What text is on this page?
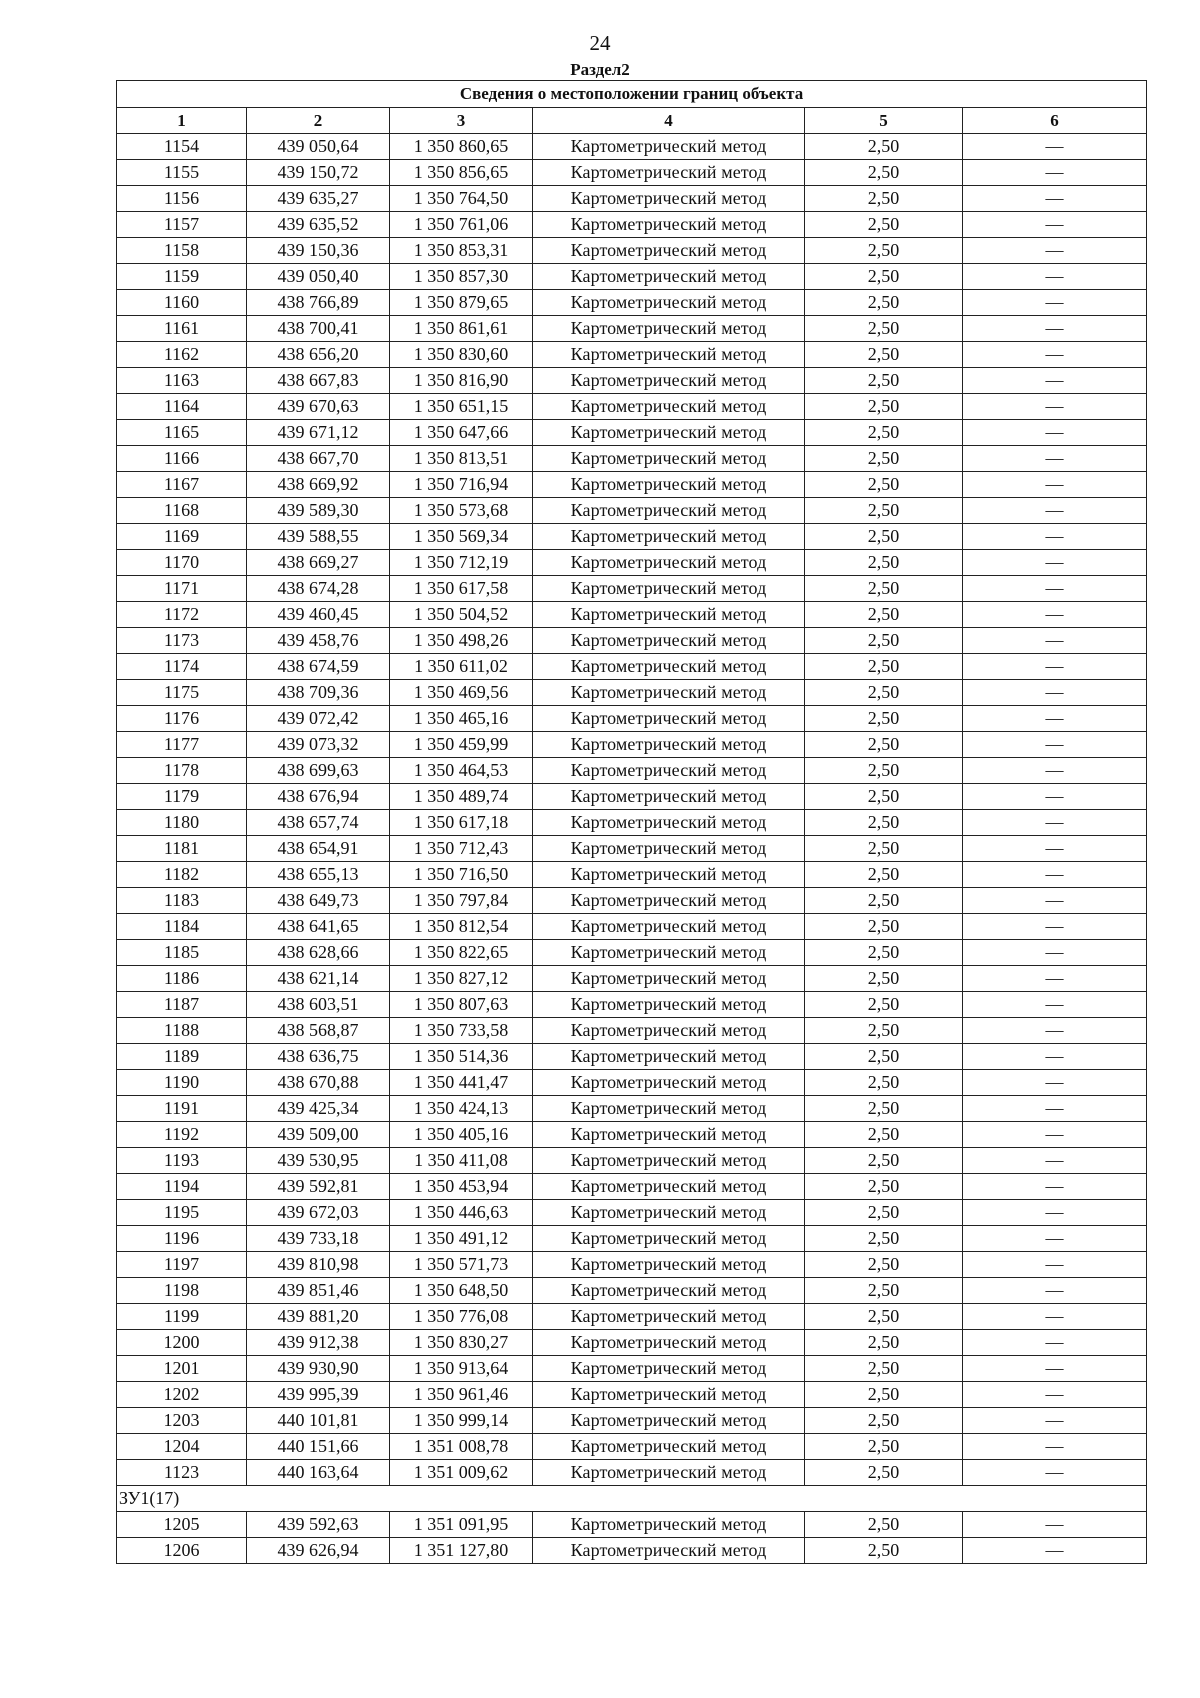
24
Раздел2
Сведения о местоположении границ объекта					
1	2	3	4	5	6
1154	439 050,64	1 350 860,65	Картометрический метод	2,50	—
1155	439 150,72	1 350 856,65	Картометрический метод	2,50	—
1156	439 635,27	1 350 764,50	Картометрический метод	2,50	—
1157	439 635,52	1 350 761,06	Картометрический метод	2,50	—
1158	439 150,36	1 350 853,31	Картометрический метод	2,50	—
1159	439 050,40	1 350 857,30	Картометрический метод	2,50	—
1160	438 766,89	1 350 879,65	Картометрический метод	2,50	—
1161	438 700,41	1 350 861,61	Картометрический метод	2,50	—
1162	438 656,20	1 350 830,60	Картометрический метод	2,50	—
1163	438 667,83	1 350 816,90	Картометрический метод	2,50	—
1164	439 670,63	1 350 651,15	Картометрический метод	2,50	—
1165	439 671,12	1 350 647,66	Картометрический метод	2,50	—
1166	438 667,70	1 350 813,51	Картометрический метод	2,50	—
1167	438 669,92	1 350 716,94	Картометрический метод	2,50	—
1168	439 589,30	1 350 573,68	Картометрический метод	2,50	—
1169	439 588,55	1 350 569,34	Картометрический метод	2,50	—
1170	438 669,27	1 350 712,19	Картометрический метод	2,50	—
1171	438 674,28	1 350 617,58	Картометрический метод	2,50	—
1172	439 460,45	1 350 504,52	Картометрический метод	2,50	—
1173	439 458,76	1 350 498,26	Картометрический метод	2,50	—
1174	438 674,59	1 350 611,02	Картометрический метод	2,50	—
1175	438 709,36	1 350 469,56	Картометрический метод	2,50	—
1176	439 072,42	1 350 465,16	Картометрический метод	2,50	—
1177	439 073,32	1 350 459,99	Картометрический метод	2,50	—
1178	438 699,63	1 350 464,53	Картометрический метод	2,50	—
1179	438 676,94	1 350 489,74	Картометрический метод	2,50	—
1180	438 657,74	1 350 617,18	Картометрический метод	2,50	—
1181	438 654,91	1 350 712,43	Картометрический метод	2,50	—
1182	438 655,13	1 350 716,50	Картометрический метод	2,50	—
1183	438 649,73	1 350 797,84	Картометрический метод	2,50	—
1184	438 641,65	1 350 812,54	Картометрический метод	2,50	—
1185	438 628,66	1 350 822,65	Картометрический метод	2,50	—
1186	438 621,14	1 350 827,12	Картометрический метод	2,50	—
1187	438 603,51	1 350 807,63	Картометрический метод	2,50	—
1188	438 568,87	1 350 733,58	Картометрический метод	2,50	—
1189	438 636,75	1 350 514,36	Картометрический метод	2,50	—
1190	438 670,88	1 350 441,47	Картометрический метод	2,50	—
1191	439 425,34	1 350 424,13	Картометрический метод	2,50	—
1192	439 509,00	1 350 405,16	Картометрический метод	2,50	—
1193	439 530,95	1 350 411,08	Картометрический метод	2,50	—
1194	439 592,81	1 350 453,94	Картометрический метод	2,50	—
1195	439 672,03	1 350 446,63	Картометрический метод	2,50	—
1196	439 733,18	1 350 491,12	Картометрический метод	2,50	—
1197	439 810,98	1 350 571,73	Картометрический метод	2,50	—
1198	439 851,46	1 350 648,50	Картометрический метод	2,50	—
1199	439 881,20	1 350 776,08	Картометрический метод	2,50	—
1200	439 912,38	1 350 830,27	Картометрический метод	2,50	—
1201	439 930,90	1 350 913,64	Картометрический метод	2,50	—
1202	439 995,39	1 350 961,46	Картометрический метод	2,50	—
1203	440 101,81	1 350 999,14	Картометрический метод	2,50	—
1204	440 151,66	1 351 008,78	Картометрический метод	2,50	—
1123	440 163,64	1 351 009,62	Картометрический метод	2,50	—
ЗУ1(17)					
1205	439 592,63	1 351 091,95	Картометрический метод	2,50	—
1206	439 626,94	1 351 127,80	Картометрический метод	2,50	—
